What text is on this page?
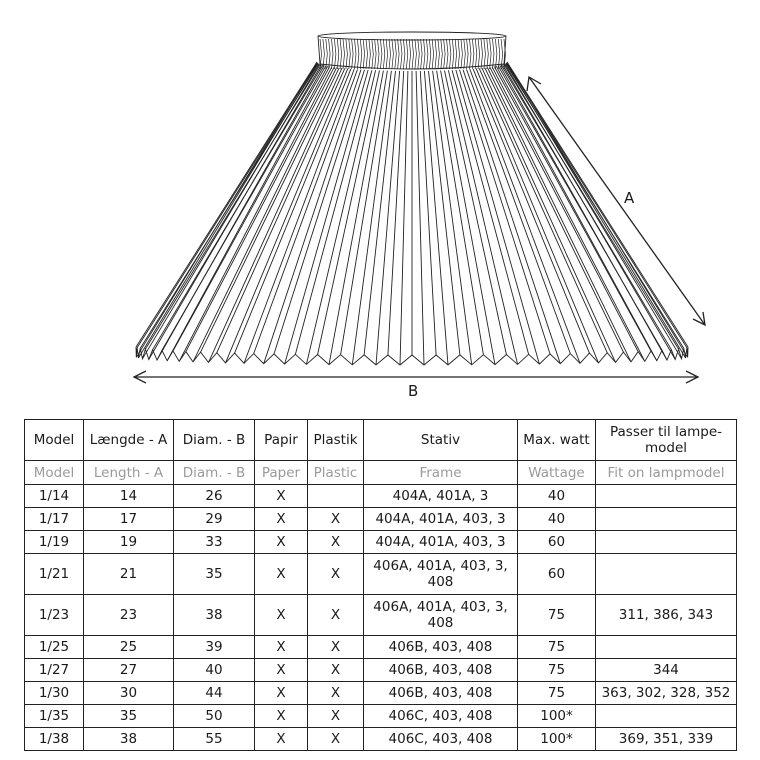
A
B
Model	Længde - A	Diam. - B	Papir	Plastik	Stativ	Max. watt	Passer til lampe-model
Model	Length - A	Diam. - B	Paper	Plastic	Frame	Wattage	Fit on lampmodel
1/14	14	26	X		404A, 401A, 3	40	
1/17	17	29	X	X	404A, 401A, 403, 3	40	
1/19	19	33	X	X	404A, 401A, 403, 3	60	
1/21	21	35	X	X	406A, 401A, 403, 3, 408	60	
1/23	23	38	X	X	406A, 401A, 403, 3, 408	75	311, 386, 343
1/25	25	39	X	X	406B, 403, 408	75	
1/27	27	40	X	X	406B, 403, 408	75	344
1/30	30	44	X	X	406B, 403, 408	75	363, 302, 328, 352
1/35	35	50	X	X	406C, 403, 408	100*	
1/38	38	55	X	X	406C, 403, 408	100*	369, 351, 339
